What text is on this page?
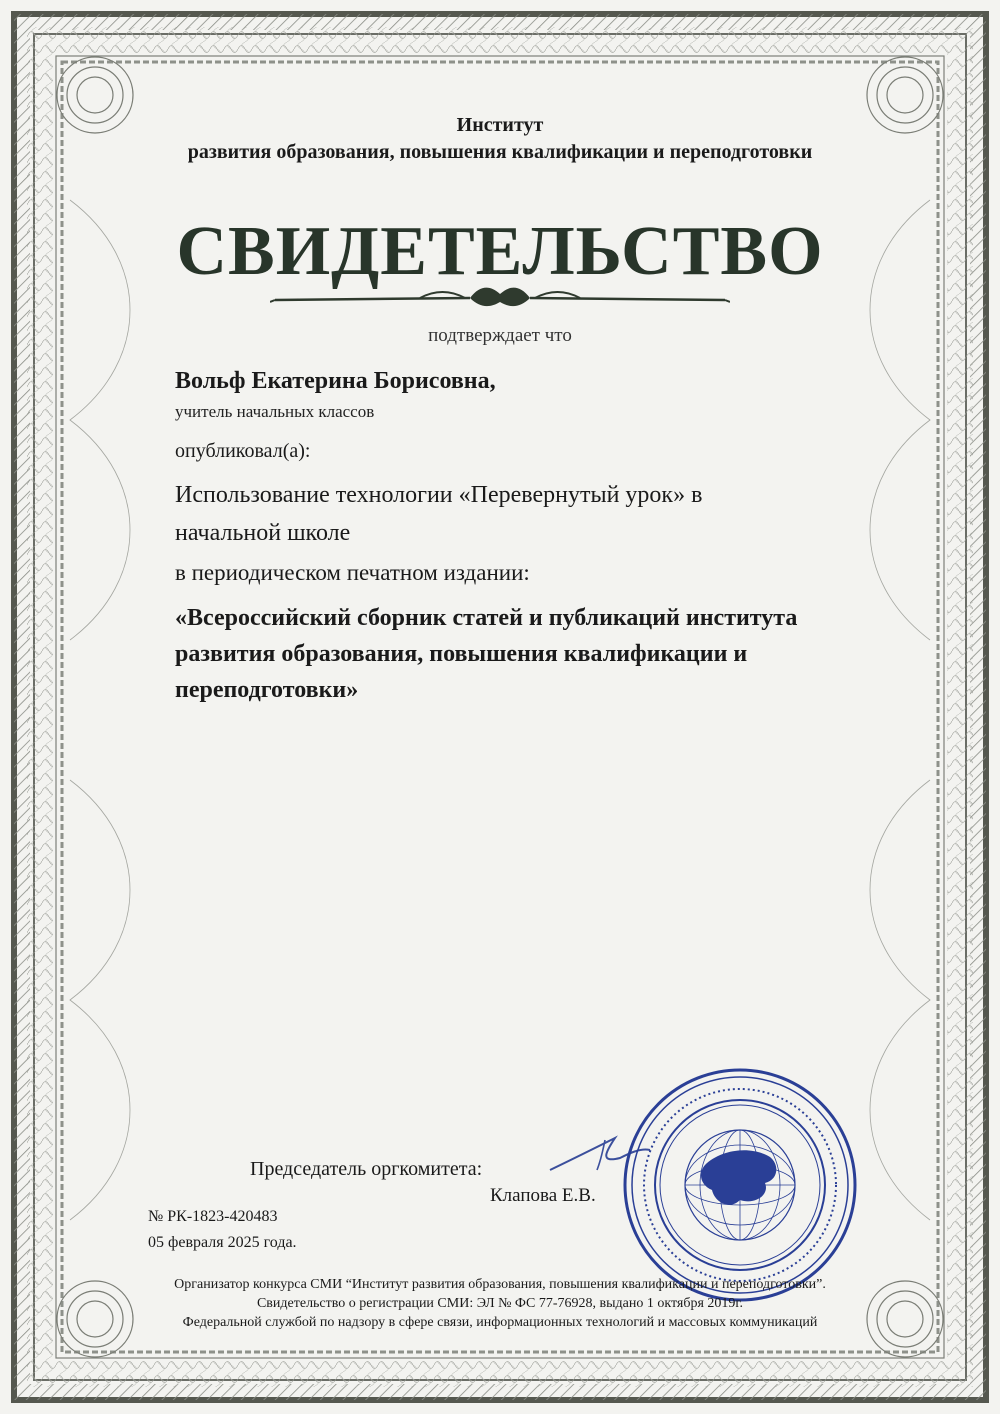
Институт
развития образования, повышения квалификации и переподготовки
СВИДЕТЕЛЬСТВО
подтверждает что
Вольф Екатерина Борисовна,
учитель начальных классов
опубликовал(а):
Использование технологии «Перевернутый урок» в начальной школе
в периодическом печатном издании:
«Всероссийский сборник статей и публикаций института развития образования, повышения квалификации и переподготовки»
Председатель оргкомитета:
Клапова Е.В.
№ РК-1823-420483
05 февраля 2025 года.
Организатор конкурса СМИ “Институт развития образования, повышения квалификации и переподготовки”.
Свидетельство о регистрации СМИ: ЭЛ № ФС 77-76928, выдано 1 октября 2019г.
Федеральной службой по надзору в сфере связи, информационных технологий и массовых коммуникаций
